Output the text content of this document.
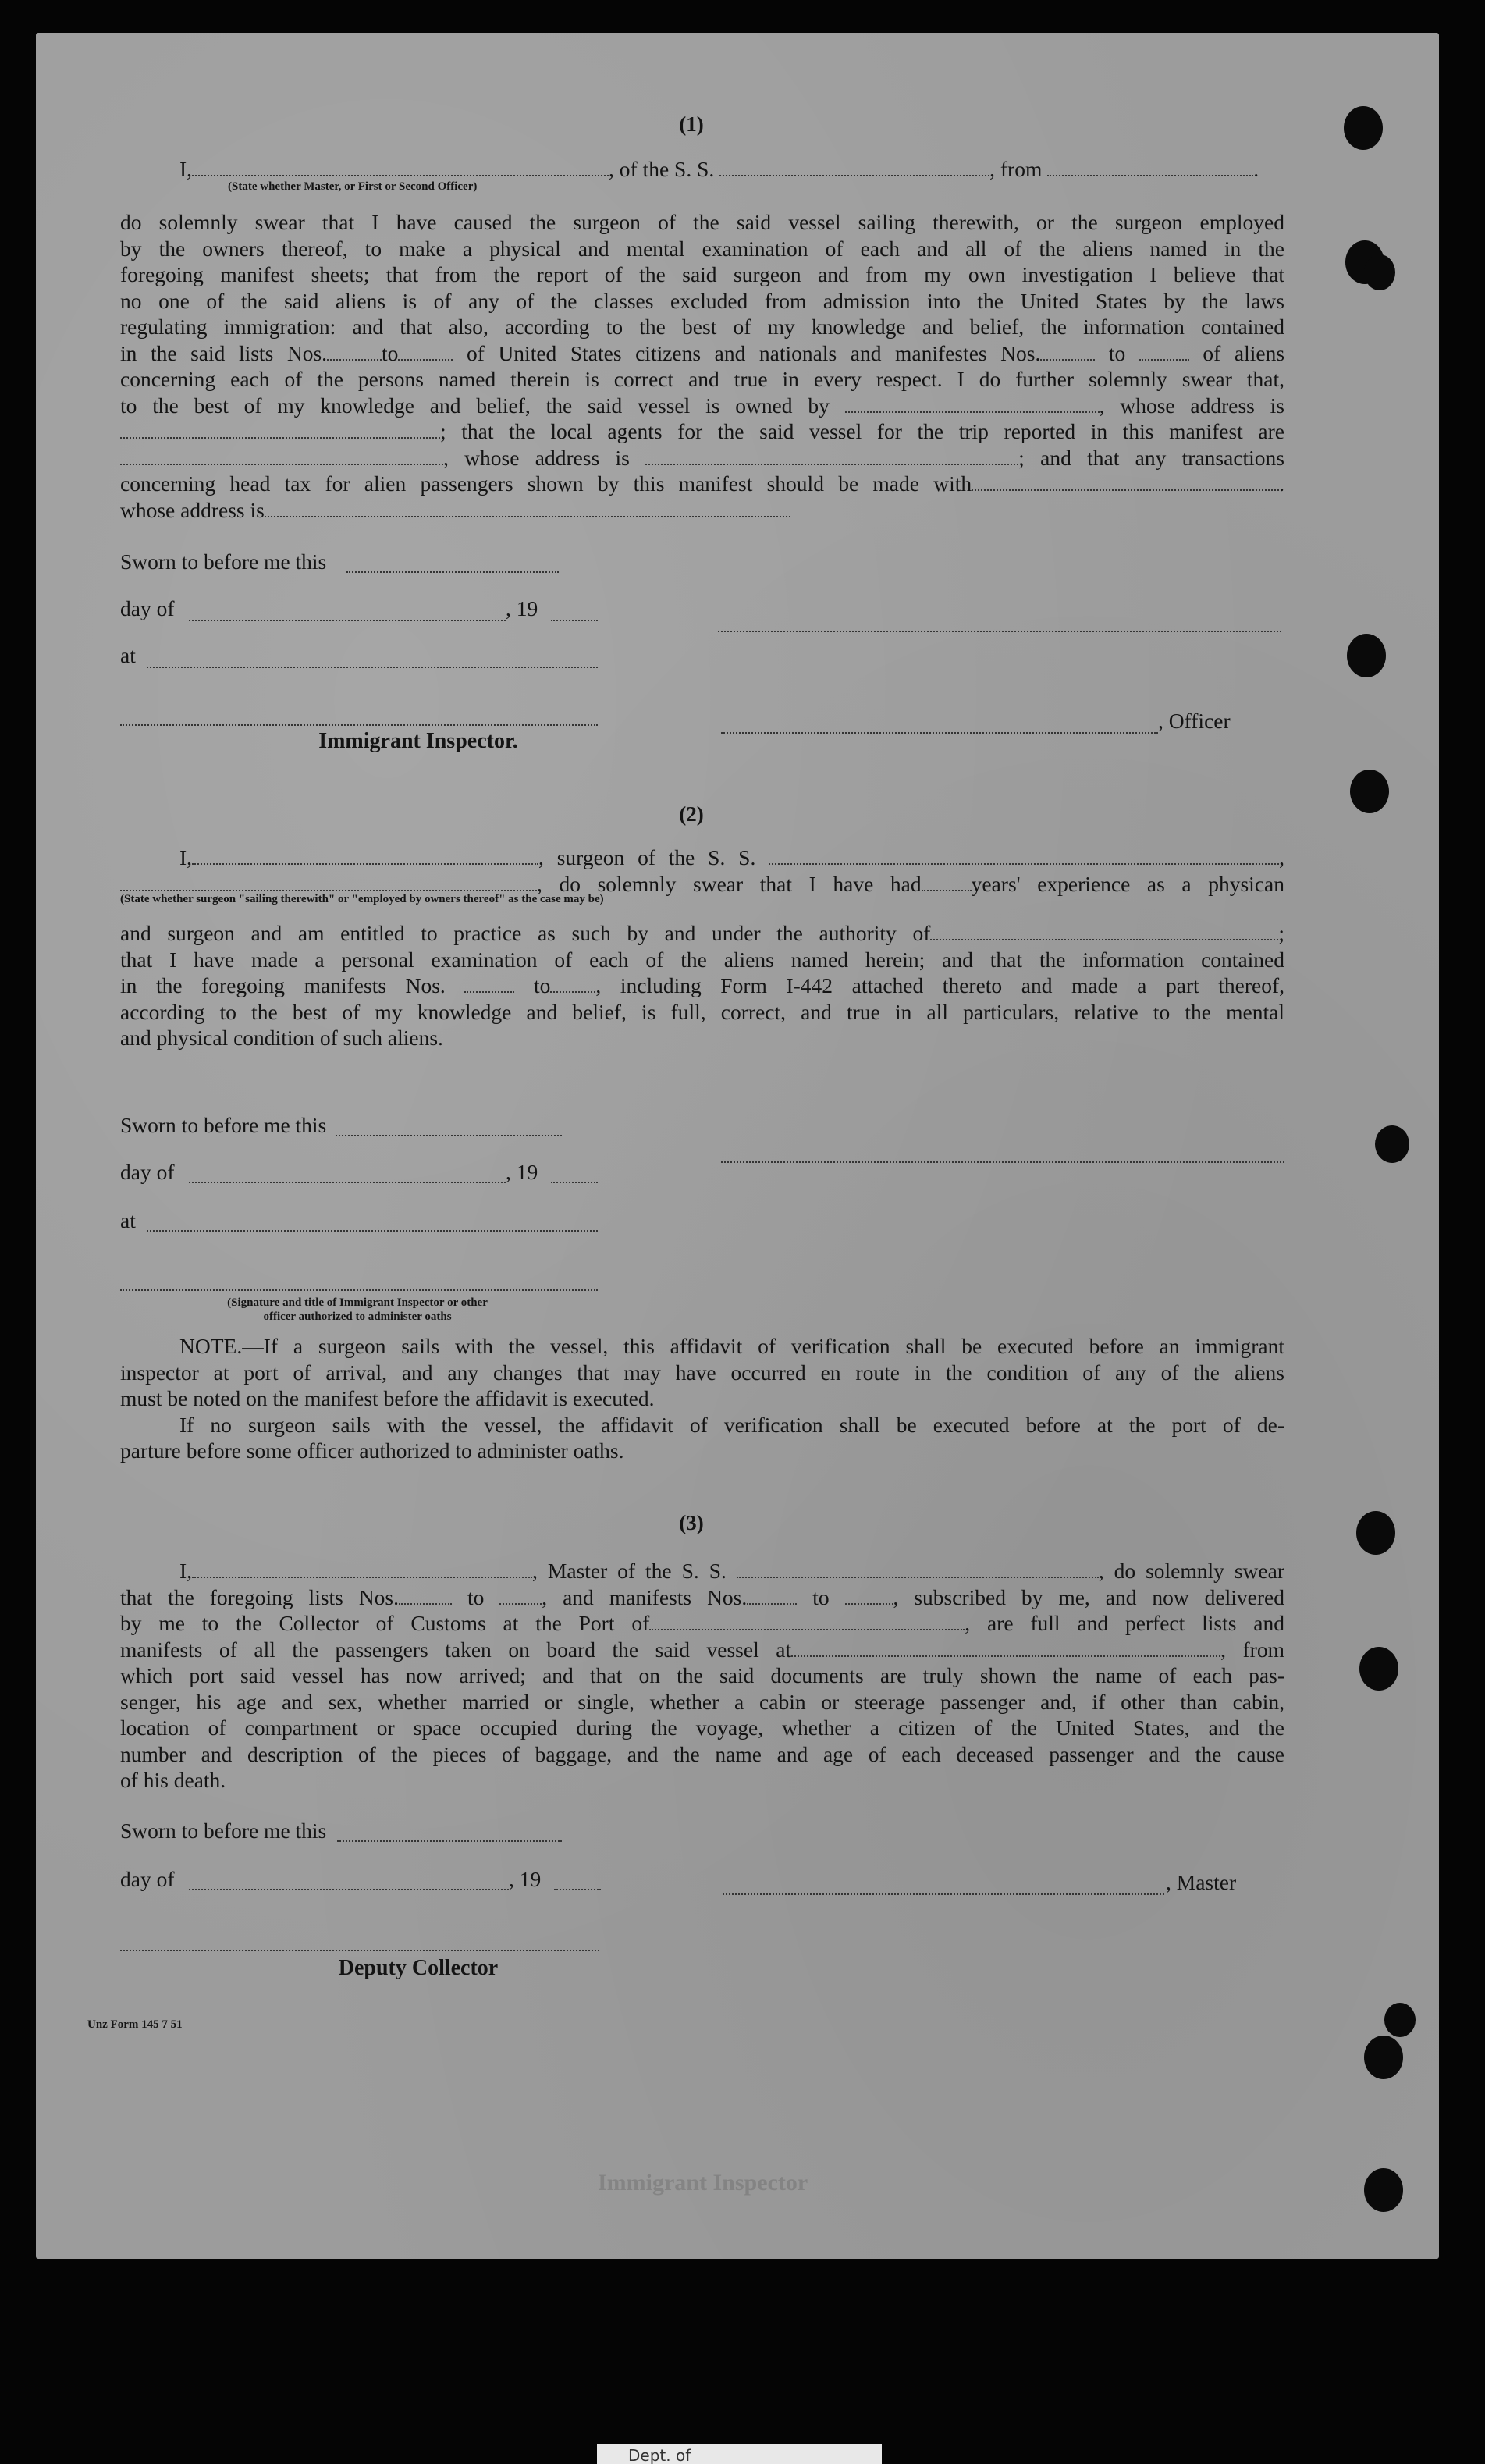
(1)

I,	, of the S. S.	, from	.

(State whether Master, or First or Second Officer)

do solemnly swear that I have caused the surgeon of the said vessel sailing therewith, or the surgeon employed

by the owners thereof, to make a physical and mental examination of each and all of the aliens named in the

foregoing manifest sheets; that from the report of the said surgeon and from my own investigation I believe that

no one of the said aliens is of any of the classes excluded from admission into the United States by the laws

regulating immigration: and that also, according to the best of my knowledge and belief, the information contained

in the said lists Nos.	to	of United States citizens and nationals and manifestes Nos.	to	of aliens

concerning each of the persons named therein is correct and true in every respect. I do further solemnly swear that,

to the best of my knowledge and belief, the said vessel is owned by	, whose address is

; that the local agents for the said vessel for the trip reported in this manifest are

, whose address is	; and that any transactions

concerning head tax for alien passengers shown by this manifest should be made with	.

whose address is

Sworn to before me this
day of	, 19
at
, Officer
Immigrant Inspector.

(2)

I,	, surgeon of the S. S.	,

, do solemnly swear that I have had years' experience as a physican

(State whether surgeon "sailing therewith" or "employed by owners thereof" as the case may be)

and surgeon and am entitled to practice as such by and under the authority of	;

that I have made a personal examination of each of the aliens named herein; and that the information contained

in the foregoing manifests Nos.	to , including Form I-442 attached thereto and made a part thereof,

according to the best of my knowledge and belief, is full, correct, and true in all particulars, relative to the mental

and physical condition of such aliens.

Sworn to before me this
day of	, 19
at
(Signature and title of Immigrant Inspector or other
officer authorized to administer oaths

NOTE.—If a surgeon sails with the vessel, this affidavit of verification shall be executed before an immigrant

inspector at port of arrival, and any changes that may have occurred en route in the condition of any of the aliens

must be noted on the manifest before the affidavit is executed.

If no surgeon sails with the vessel, the affidavit of verification shall be executed before at the port of de-

parture before some officer authorized to administer oaths.

(3)

I,	, Master of the S. S.	, do solemnly swear

that the foregoing lists Nos.	to	, and manifests Nos.	to	, subscribed by me, and now delivered

by me to the Collector of Customs at the Port of	, are full and perfect lists and

manifests of all the passengers taken on board the said vessel at	, from

which port said vessel has now arrived; and that on the said documents are truly shown the name of each pas-

senger, his age and sex, whether married or single, whether a cabin or steerage passenger and, if other than cabin,

location of compartment or space occupied during the voyage, whether a citizen of the United States, and the

number and description of the pieces of baggage, and the name and age of each deceased passenger and the cause

of his death.

Sworn to before me this
day of	, 19	, Master
Deputy Collector
Unz Form 145 7 51
Immigrant Inspector
Dept. of
